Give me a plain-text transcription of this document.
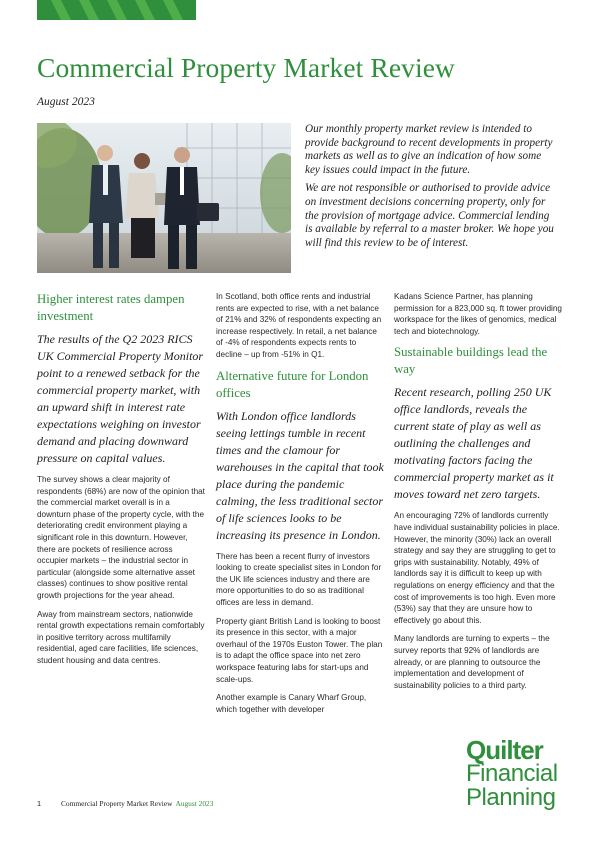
Commercial Property Market Review
August 2023

Our monthly property market review is intended to provide background to recent developments in property markets as well as to give an indication of how some key issues could impact in the future.

We are not responsible or authorised to provide advice on investment decisions concerning property, only for the provision of mortgage advice. Commercial lending is available by referral to a master broker. We hope you will find this review to be of interest.

Higher interest rates dampen investment

The results of the Q2 2023 RICS UK Commercial Property Monitor point to a renewed setback for the commercial property market, with an upward shift in interest rate expectations weighing on investor demand and placing downward pressure on capital values.

The survey shows a clear majority of respondents (68%) are now of the opinion that the commercial market overall is in a downturn phase of the property cycle, with the deteriorating credit environment playing a significant role in this downturn. However, there are pockets of resilience across occupier markets – the industrial sector in particular (alongside some alternative asset classes) continues to show positive rental growth projections for the year ahead.

Away from mainstream sectors, nationwide rental growth expectations remain comfortably in positive territory across multifamily residential, aged care facilities, life sciences, student housing and data centres.

In Scotland, both office rents and industrial rents are expected to rise, with a net balance of 21% and 32% of respondents expecting an increase respectively. In retail, a net balance of -4% of respondents expects rents to decline – up from -51% in Q1.

Alternative future for London offices

With London office landlords seeing lettings tumble in recent times and the clamour for warehouses in the capital that took place during the pandemic calming, the less traditional sector of life sciences looks to be increasing its presence in London.

There has been a recent flurry of investors looking to create specialist sites in London for the UK life sciences industry and there are more opportunities to do so as traditional offices are less in demand.

Property giant British Land is looking to boost its presence in this sector, with a major overhaul of the 1970s Euston Tower. The plan is to adapt the office space into net zero workspace featuring labs for start-ups and scale-ups.

Another example is Canary Wharf Group, which together with developer

Kadans Science Partner, has planning permission for a 823,000 sq. ft tower providing workspace for the likes of genomics, medical tech and biotechnology.

Sustainable buildings lead the way

Recent research, polling 250 UK office landlords, reveals the current state of play as well as outlining the challenges and motivating factors facing the commercial property market as it moves toward net zero targets.

An encouraging 72% of landlords currently have individual sustainability policies in place. However, the minority (30%) lack an overall strategy and say they are struggling to get to grips with sustainability. Notably, 49% of landlords say it is difficult to keep up with regulations on energy efficiency and that the cost of improvements is too high. Even more (53%) say that they are unsure how to effectively go about this.

Many landlords are turning to experts – the survey reports that 92% of landlords are already, or are planning to outsource the implementation and development of sustainability policies to a third party.

Quilter
Financial
Planning
1	Commercial Property Market Review August 2023
